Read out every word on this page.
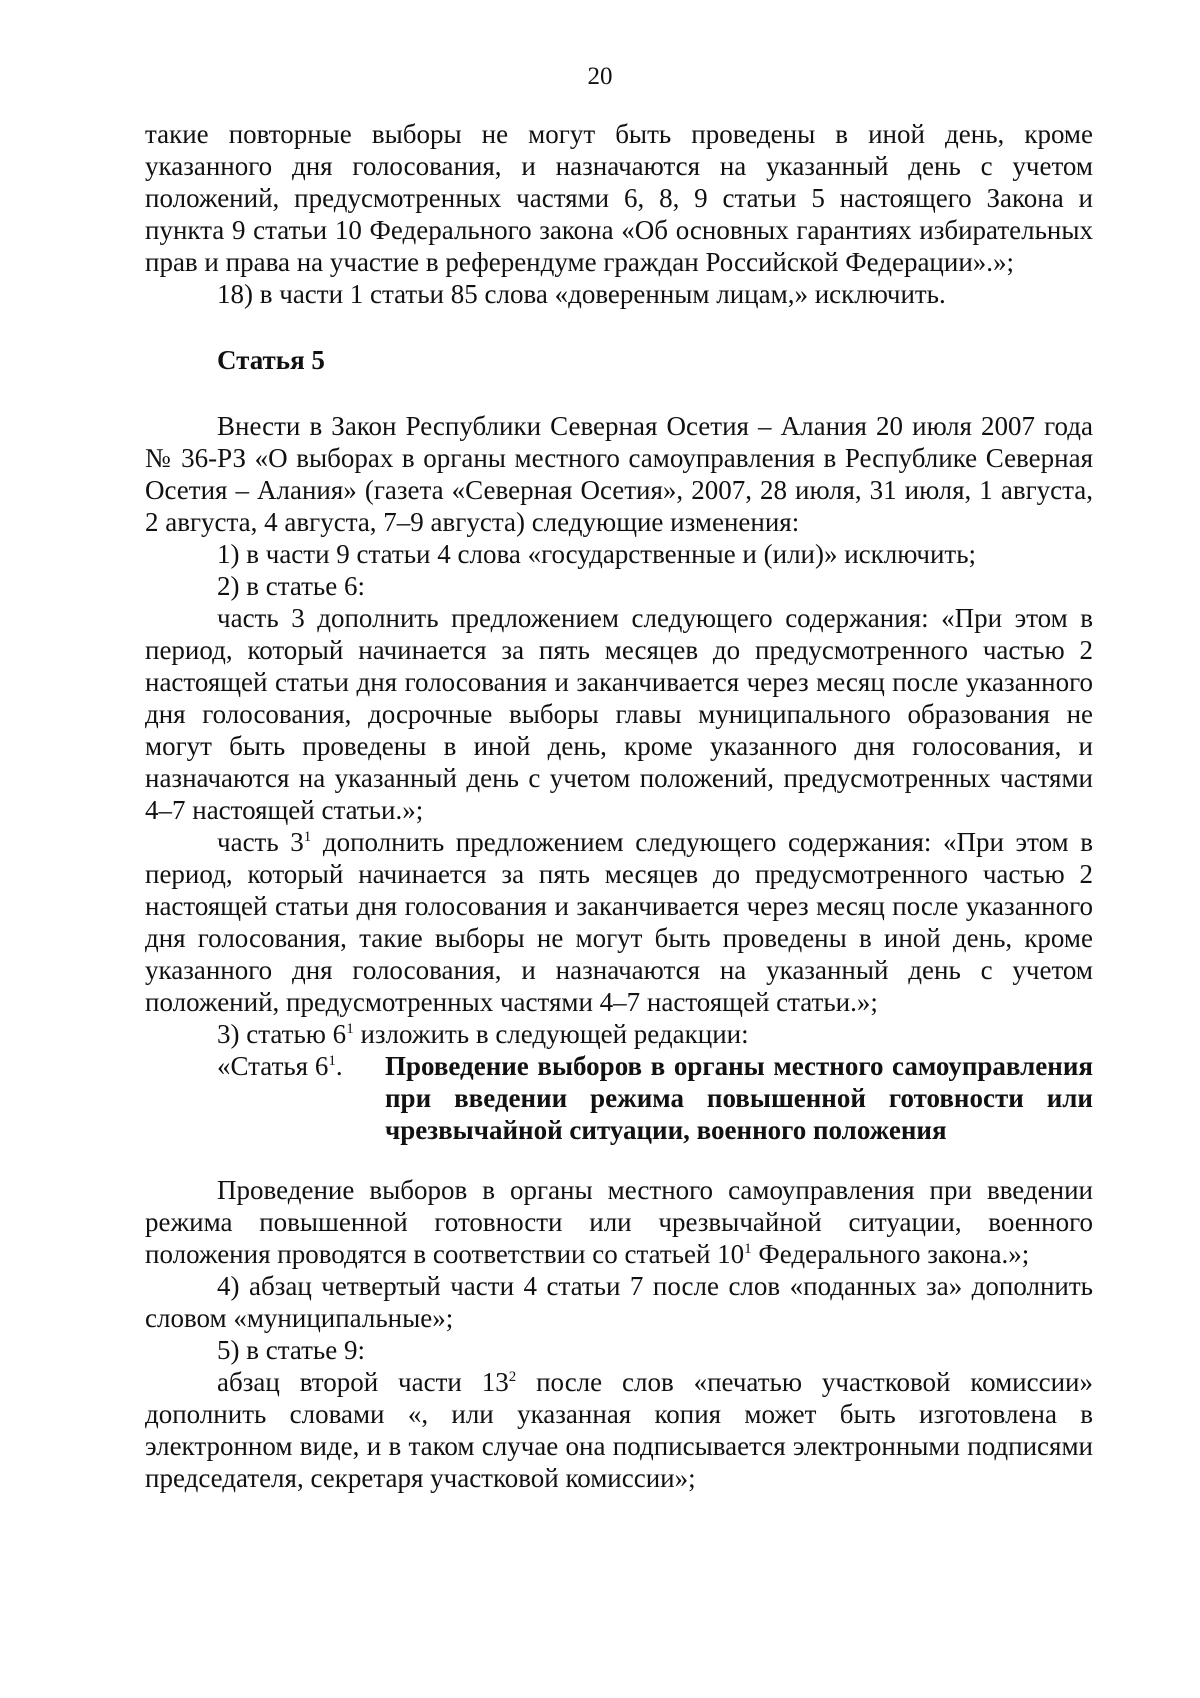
20

такие повторные выборы не могут быть проведены в иной день, кроме указанного дня голосования, и назначаются на указанный день с учетом положений, предусмотренных частями 6, 8, 9 статьи 5 настоящего Закона и пункта 9 статьи 10 Федерального закона «Об основных гарантиях избирательных прав и права на участие в референдуме граждан Российской Федерации».»;

18) в части 1 статьи 85 слова «доверенным лицам,» исключить.

Статья 5

Внести в Закон Республики Северная Осетия – Алания 20 июля 2007 года № 36-РЗ «О выборах в органы местного самоуправления в Республике Северная Осетия – Алания» (газета «Северная Осетия», 2007, 28 июля, 31 июля, 1 августа, 2 августа, 4 августа, 7–9 августа) следующие изменения:

1) в части 9 статьи 4 слова «государственные и (или)» исключить;

2) в статье 6:

часть 3 дополнить предложением следующего содержания: «При этом в период, который начинается за пять месяцев до предусмотренного частью 2 настоящей статьи дня голосования и заканчивается через месяц после указанного дня голосования, досрочные выборы главы муниципального образования не могут быть проведены в иной день, кроме указанного дня голосования, и назначаются на указанный день с учетом положений, предусмотренных частями 4–7 настоящей статьи.»;

часть $3^1$ дополнить предложением следующего содержания: «При этом в период, который начинается за пять месяцев до предусмотренного частью 2 настоящей статьи дня голосования и заканчивается через месяц после указанного дня голосования, такие выборы не могут быть проведены в иной день, кроме указанного дня голосования, и назначаются на указанный день с учетом положений, предусмотренных частями 4–7 настоящей статьи.»;

3) статью $6^1$ изложить в следующей редакции:

«Статья $6^1$.	Проведение выборов в органы местного самоуправления при введении режима повышенной готовности или чрезвычайной ситуации, военного положения

Проведение выборов в органы местного самоуправления при введении режима повышенной готовности или чрезвычайной ситуации, военного положения проводятся в соответствии со статьей $10^1$ Федерального закона.»;

4) абзац четвертый части 4 статьи 7 после слов «поданных за» дополнить словом «муниципальные»;

5) в статье 9:

абзац второй части $13^2$ после слов «печатью участковой комиссии» дополнить словами «, или указанная копия может быть изготовлена в электронном виде, и в таком случае она подписывается электронными подписями председателя, секретаря участковой комиссии»;
